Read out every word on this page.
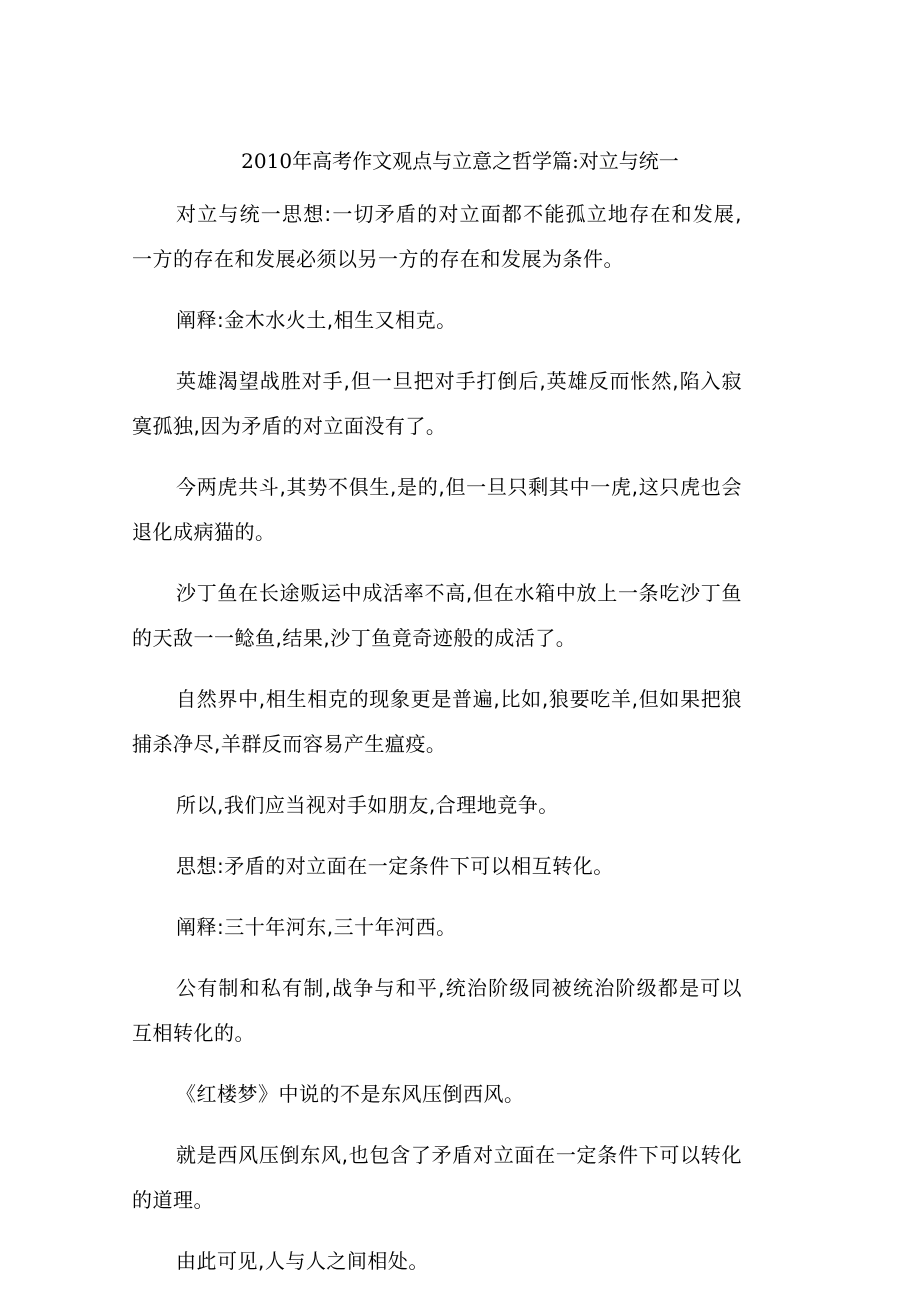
2010年高考作文观点与立意之哲学篇:对立与统一

对立与统一思想:一切矛盾的对立面都不能孤立地存在和发展,一方的存在和发展必须以另一方的存在和发展为条件。

阐释:金木水火土,相生又相克。

英雄渴望战胜对手,但一旦把对手打倒后,英雄反而怅然,陷入寂寞孤独,因为矛盾的对立面没有了。

今两虎共斗,其势不俱生,是的,但一旦只剩其中一虎,这只虎也会退化成病猫的。

沙丁鱼在长途贩运中成活率不高,但在水箱中放上一条吃沙丁鱼的天敌一一鲶鱼,结果,沙丁鱼竟奇迹般的成活了。

自然界中,相生相克的现象更是普遍,比如,狼要吃羊,但如果把狼捕杀净尽,羊群反而容易产生瘟疫。

所以,我们应当视对手如朋友,合理地竞争。

思想:矛盾的对立面在一定条件下可以相互转化。

阐释:三十年河东,三十年河西。

公有制和私有制,战争与和平,统治阶级同被统治阶级都是可以互相转化的。

《红楼梦》中说的不是东风压倒西风。

就是西风压倒东风,也包含了矛盾对立面在一定条件下可以转化的道理。

由此可见,人与人之间相处。
